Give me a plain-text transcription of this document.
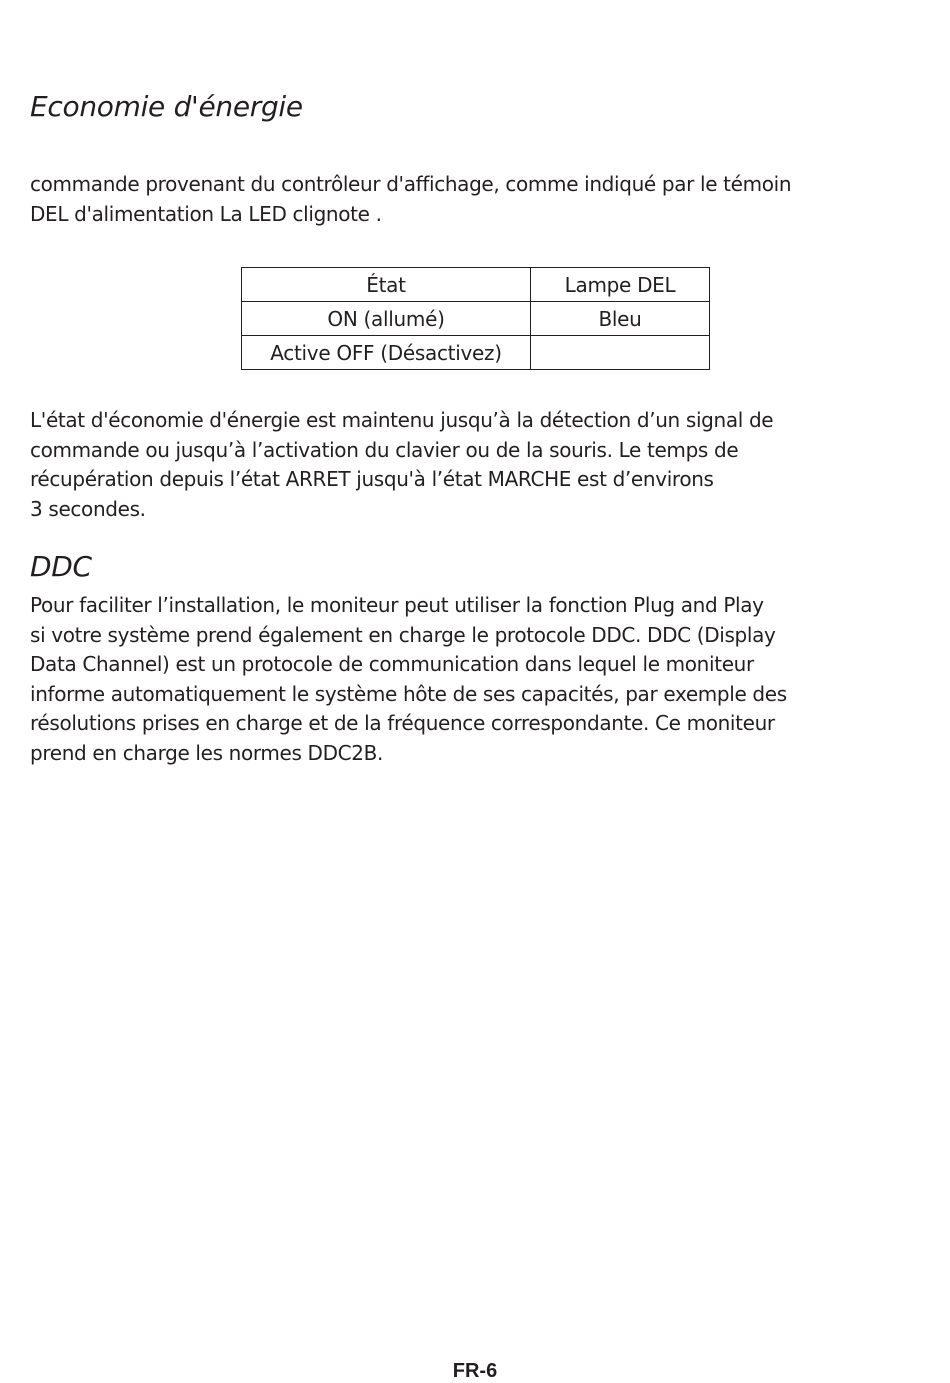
Economie d'énergie

commande provenant du contrôleur d'affichage, comme indiqué par le témoin
DEL d'alimentation La LED clignote .

État	Lampe DEL
ON (allumé)	Bleu
Active OFF (Désactivez)	

L'état d'économie d'énergie est maintenu jusqu’à la détection d’un signal de
commande ou jusqu’à l’activation du clavier ou de la souris. Le temps de
récupération depuis l’état ARRET jusqu'à l’état MARCHE est d’environs
3 secondes.

DDC

Pour faciliter l’installation, le moniteur peut utiliser la fonction Plug and Play
si votre système prend également en charge le protocole DDC. DDC (Display
Data Channel) est un protocole de communication dans lequel le moniteur
informe automatiquement le système hôte de ses capacités, par exemple des
résolutions prises en charge et de la fréquence correspondante. Ce moniteur
prend en charge les normes DDC2B.

FR-6
